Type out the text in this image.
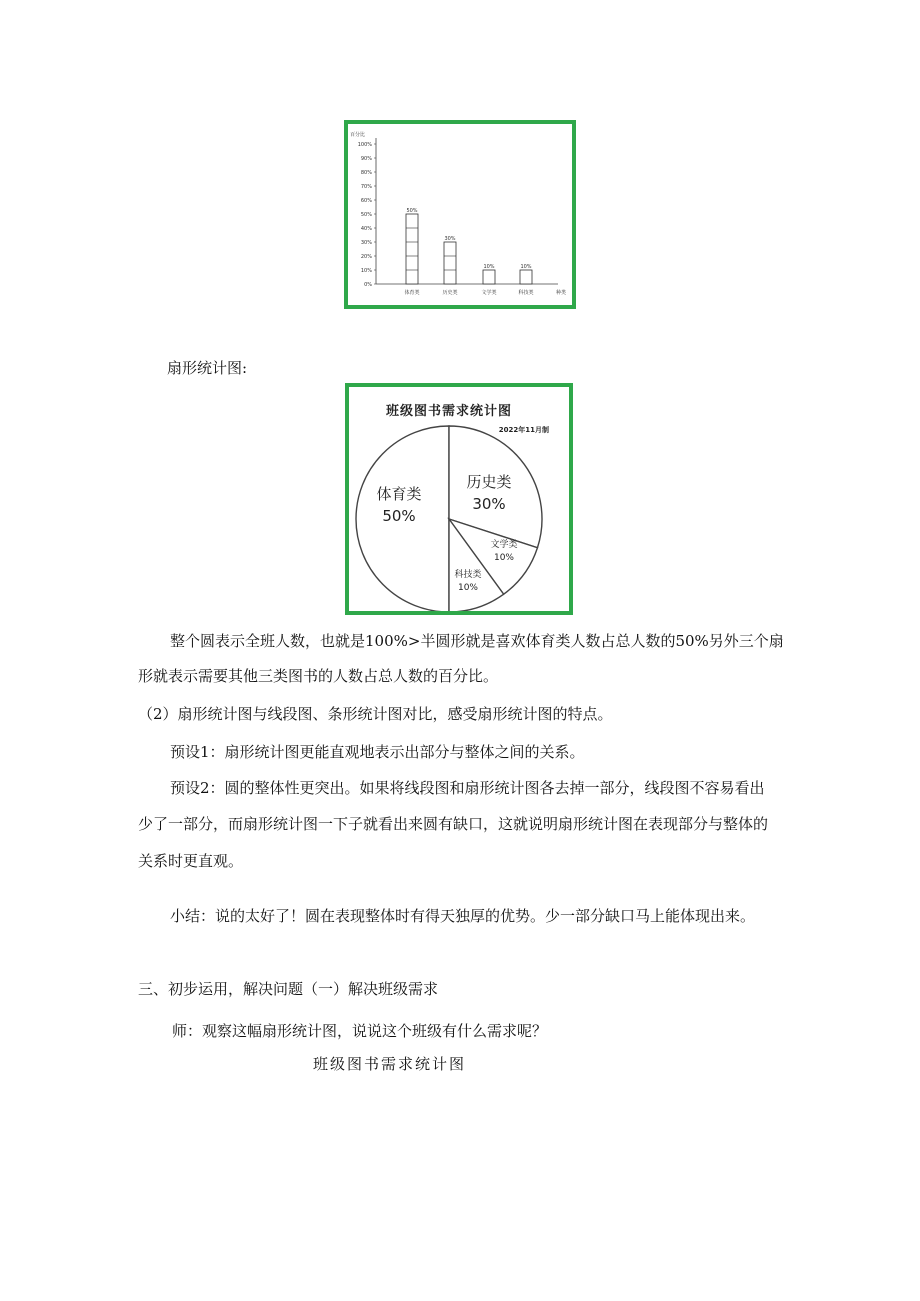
百分比
0%
10%
20%
30%
40%
50%
60%
70%
80%
90%
100%
50%
体育类
30%
历史类
10%
文学类
10%
科技类	种类

扇形统计图:

班级图书需求统计图
2022年11月制
体育类
50%
历史类
30%
文学类
10%
科技类
10%

整个圆表示全班人数，也就是100%>半圆形就是喜欢体育类人数占总人数的50%另外三个扇

形就表示需要其他三类图书的人数占总人数的百分比。

（2）扇形统计图与线段图、条形统计图对比，感受扇形统计图的特点。

预设1：扇形统计图更能直观地表示出部分与整体之间的关系。

预设2：圆的整体性更突出。如果将线段图和扇形统计图各去掉一部分，线段图不容易看出

少了一部分，而扇形统计图一下子就看出来圆有缺口，这就说明扇形统计图在表现部分与整体的

关系时更直观。

小结：说的太好了！圆在表现整体时有得天独厚的优势。少一部分缺口马上能体现出来。

三、初步运用，解决问题（一）解决班级需求

师：观察这幅扇形统计图，说说这个班级有什么需求呢？

班级图书需求统计图
